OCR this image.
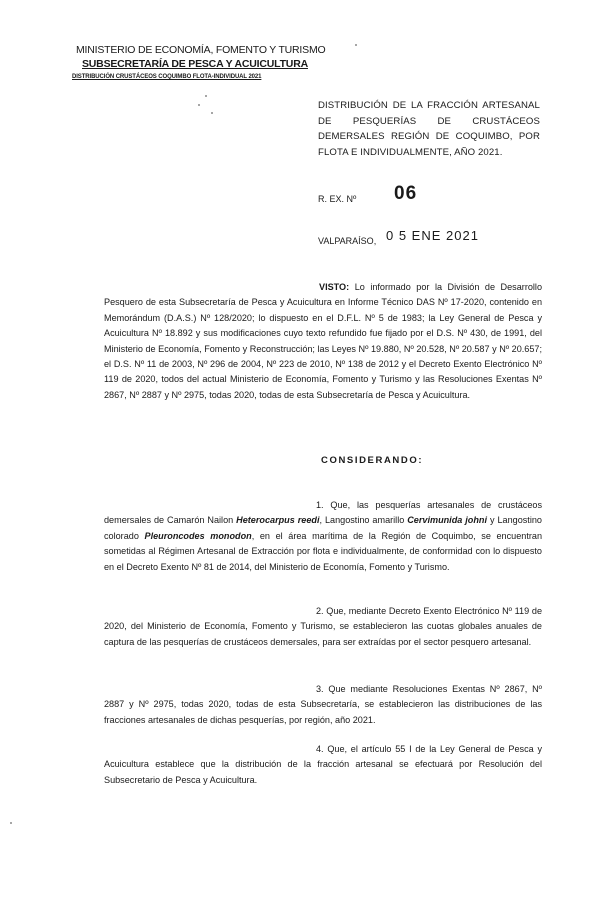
MINISTERIO DE ECONOMÍA, FOMENTO Y TURISMO
SUBSECRETARÍA DE PESCA Y ACUICULTURA
DISTRIBUCIÓN CRUSTÁCEOS COQUIMBO FLOTA-INDIVIDUAL 2021
DISTRIBUCIÓN DE LA FRACCIÓN ARTESANAL DE PESQUERÍAS DE CRUSTÁCEOS DEMERSALES REGIÓN DE COQUIMBO, POR FLOTA E INDIVIDUALMENTE, AÑO 2021.
R. EX. Nº 06
VALPARAÍSO, 0 5 ENE 2021

VISTO: Lo informado por la División de Desarrollo Pesquero de esta Subsecretaría de Pesca y Acuicultura en Informe Técnico DAS Nº 17-2020, contenido en Memorándum (D.A.S.) Nº 128/2020; lo dispuesto en el D.F.L. Nº 5 de 1983; la Ley General de Pesca y Acuicultura Nº 18.892 y sus modificaciones cuyo texto refundido fue fijado por el D.S. Nº 430, de 1991, del Ministerio de Economía, Fomento y Reconstrucción; las Leyes Nº 19.880, Nº 20.528, Nº 20.587 y Nº 20.657; el D.S. Nº 11 de 2003, Nº 296 de 2004, Nº 223 de 2010, Nº 138 de 2012 y el Decreto Exento Electrónico Nº 119 de 2020, todos del actual Ministerio de Economía, Fomento y Turismo y las Resoluciones Exentas Nº 2867, Nº 2887 y Nº 2975, todas 2020, todas de esta Subsecretaría de Pesca y Acuicultura.

CONSIDERANDO:

1. Que, las pesquerías artesanales de crustáceos demersales de Camarón Nailon Heterocarpus reedi, Langostino amarillo Cervimunida johni y Langostino colorado Pleuroncodes monodon, en el área marítima de la Región de Coquimbo, se encuentran sometidas al Régimen Artesanal de Extracción por flota e individualmente, de conformidad con lo dispuesto en el Decreto Exento Nº 81 de 2014, del Ministerio de Economía, Fomento y Turismo.

2. Que, mediante Decreto Exento Electrónico Nº 119 de 2020, del Ministerio de Economía, Fomento y Turismo, se establecieron las cuotas globales anuales de captura de las pesquerías de crustáceos demersales, para ser extraídas por el sector pesquero artesanal.

3. Que mediante Resoluciones Exentas Nº 2867, Nº 2887 y Nº 2975, todas 2020, todas de esta Subsecretaría, se establecieron las distribuciones de las fracciones artesanales de dichas pesquerías, por región, año 2021.

4. Que, el artículo 55 I de la Ley General de Pesca y Acuicultura establece que la distribución de la fracción artesanal se efectuará por Resolución del Subsecretario de Pesca y Acuicultura.
